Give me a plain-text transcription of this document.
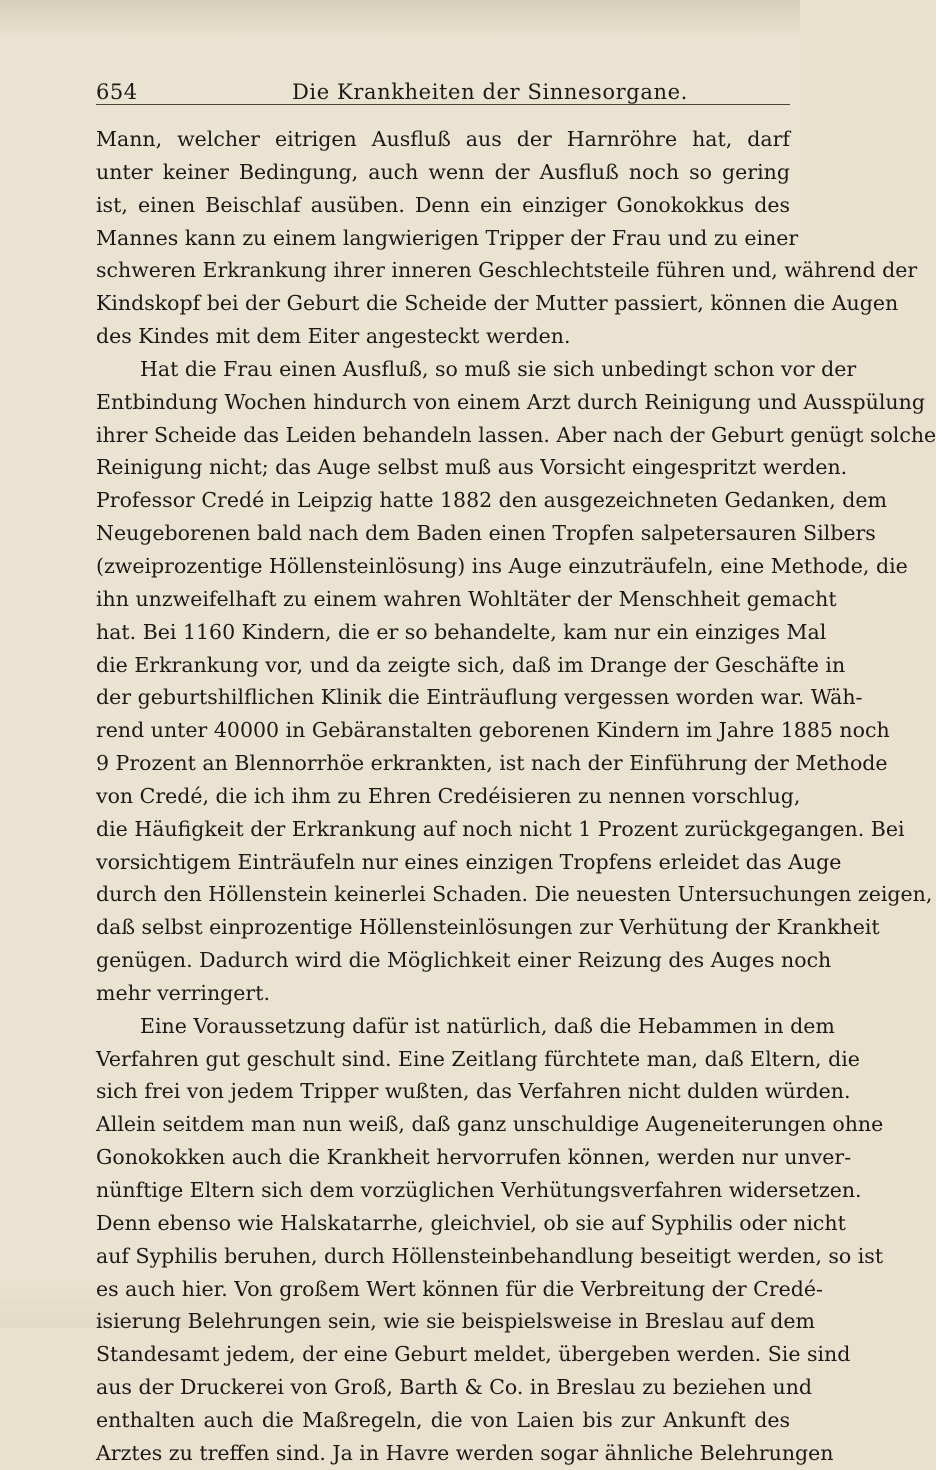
654	Die Krankheiten der Sinnesorgane.
Mann, welcher eitrigen Ausfluß aus der Harnröhre hat, darf
unter keiner Bedingung, auch wenn der Ausfluß noch so gering
ist, einen Beischlaf ausüben. Denn ein einziger Gonokokkus des
Mannes kann zu einem langwierigen Tripper der Frau und zu einer
schweren Erkrankung ihrer inneren Geschlechtsteile führen und, während der
Kindskopf bei der Geburt die Scheide der Mutter passiert, können die Augen
des Kindes mit dem Eiter angesteckt werden.
Hat die Frau einen Ausfluß, so muß sie sich unbedingt schon vor der
Entbindung Wochen hindurch von einem Arzt durch Reinigung und Ausspülung
ihrer Scheide das Leiden behandeln lassen. Aber nach der Geburt genügt solche
Reinigung nicht; das Auge selbst muß aus Vorsicht eingespritzt werden.
Professor Credé in Leipzig hatte 1882 den ausgezeichneten Gedanken, dem
Neugeborenen bald nach dem Baden einen Tropfen salpetersauren Silbers
(zweiprozentige Höllensteinlösung) ins Auge einzuträufeln, eine Methode, die
ihn unzweifelhaft zu einem wahren Wohltäter der Menschheit gemacht
hat. Bei 1160 Kindern, die er so behandelte, kam nur ein einziges Mal
die Erkrankung vor, und da zeigte sich, daß im Drange der Geschäfte in
der geburtshilflichen Klinik die Einträuflung vergessen worden war. Wäh-
rend unter 40000 in Gebäranstalten geborenen Kindern im Jahre 1885 noch
9 Prozent an Blennorrhöe erkrankten, ist nach der Einführung der Methode
von Credé, die ich ihm zu Ehren Credéisieren zu nennen vorschlug,
die Häufigkeit der Erkrankung auf noch nicht 1 Prozent zurückgegangen. Bei
vorsichtigem Einträufeln nur eines einzigen Tropfens erleidet das Auge
durch den Höllenstein keinerlei Schaden. Die neuesten Untersuchungen zeigen,
daß selbst einprozentige Höllensteinlösungen zur Verhütung der Krankheit
genügen. Dadurch wird die Möglichkeit einer Reizung des Auges noch
mehr verringert.
Eine Voraussetzung dafür ist natürlich, daß die Hebammen in dem
Verfahren gut geschult sind. Eine Zeitlang fürchtete man, daß Eltern, die
sich frei von jedem Tripper wußten, das Verfahren nicht dulden würden.
Allein seitdem man nun weiß, daß ganz unschuldige Augeneiterungen ohne
Gonokokken auch die Krankheit hervorrufen können, werden nur unver-
nünftige Eltern sich dem vorzüglichen Verhütungsverfahren widersetzen.
Denn ebenso wie Halskatarrhe, gleichviel, ob sie auf Syphilis oder nicht
auf Syphilis beruhen, durch Höllensteinbehandlung beseitigt werden, so ist
es auch hier. Von großem Wert können für die Verbreitung der Credé-
isierung Belehrungen sein, wie sie beispielsweise in Breslau auf dem
Standesamt jedem, der eine Geburt meldet, übergeben werden. Sie sind
aus der Druckerei von Groß, Barth & Co. in Breslau zu beziehen und
enthalten auch die Maßregeln, die von Laien bis zur Ankunft des
Arztes zu treffen sind. Ja in Havre werden sogar ähnliche Belehrungen
